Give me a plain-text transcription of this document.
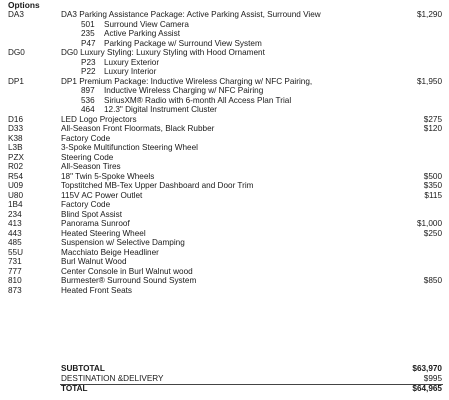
Options
DA3	DA3 Parking Assistance Package: Active Parking Assist, Surround View	$1,290
501 Surround View Camera
235 Active Parking Assist
P47 Parking Package w/ Surround View System
DG0	DG0 Luxury Styling: Luxury Styling with Hood Ornament
P23 Luxury Exterior
P22 Luxury Interior
DP1	DP1 Premium Package: Inductive Wireless Charging w/ NFC Pairing,	$1,950
897 Inductive Wireless Charging w/ NFC Pairing
536 SiriusXM® Radio with 6-month All Access Plan Trial
464 12.3" Digital Instrument Cluster
D16	LED Logo Projectors	$275
D33	All-Season Front Floormats, Black Rubber	$120
K38	Factory Code
L3B	3-Spoke Multifunction Steering Wheel
PZX	Steering Code
R02	All-Season Tires
R54	18" Twin 5-Spoke Wheels	$500
U09	Topstitched MB-Tex Upper Dashboard and Door Trim	$350
U80	115V AC Power Outlet	$115
1B4	Factory Code
234	Blind Spot Assist
413	Panorama Sunroof	$1,000
443	Heated Steering Wheel	$250
485	Suspension w/ Selective Damping
55U	Macchiato Beige Headliner
731	Burl Walnut Wood
777	Center Console in Burl Walnut wood
810	Burmester® Surround Sound System	$850
873	Heated Front Seats
SUBTOTAL	$63,970
DESTINATION &DELIVERY	$995
TOTAL	$64,965
